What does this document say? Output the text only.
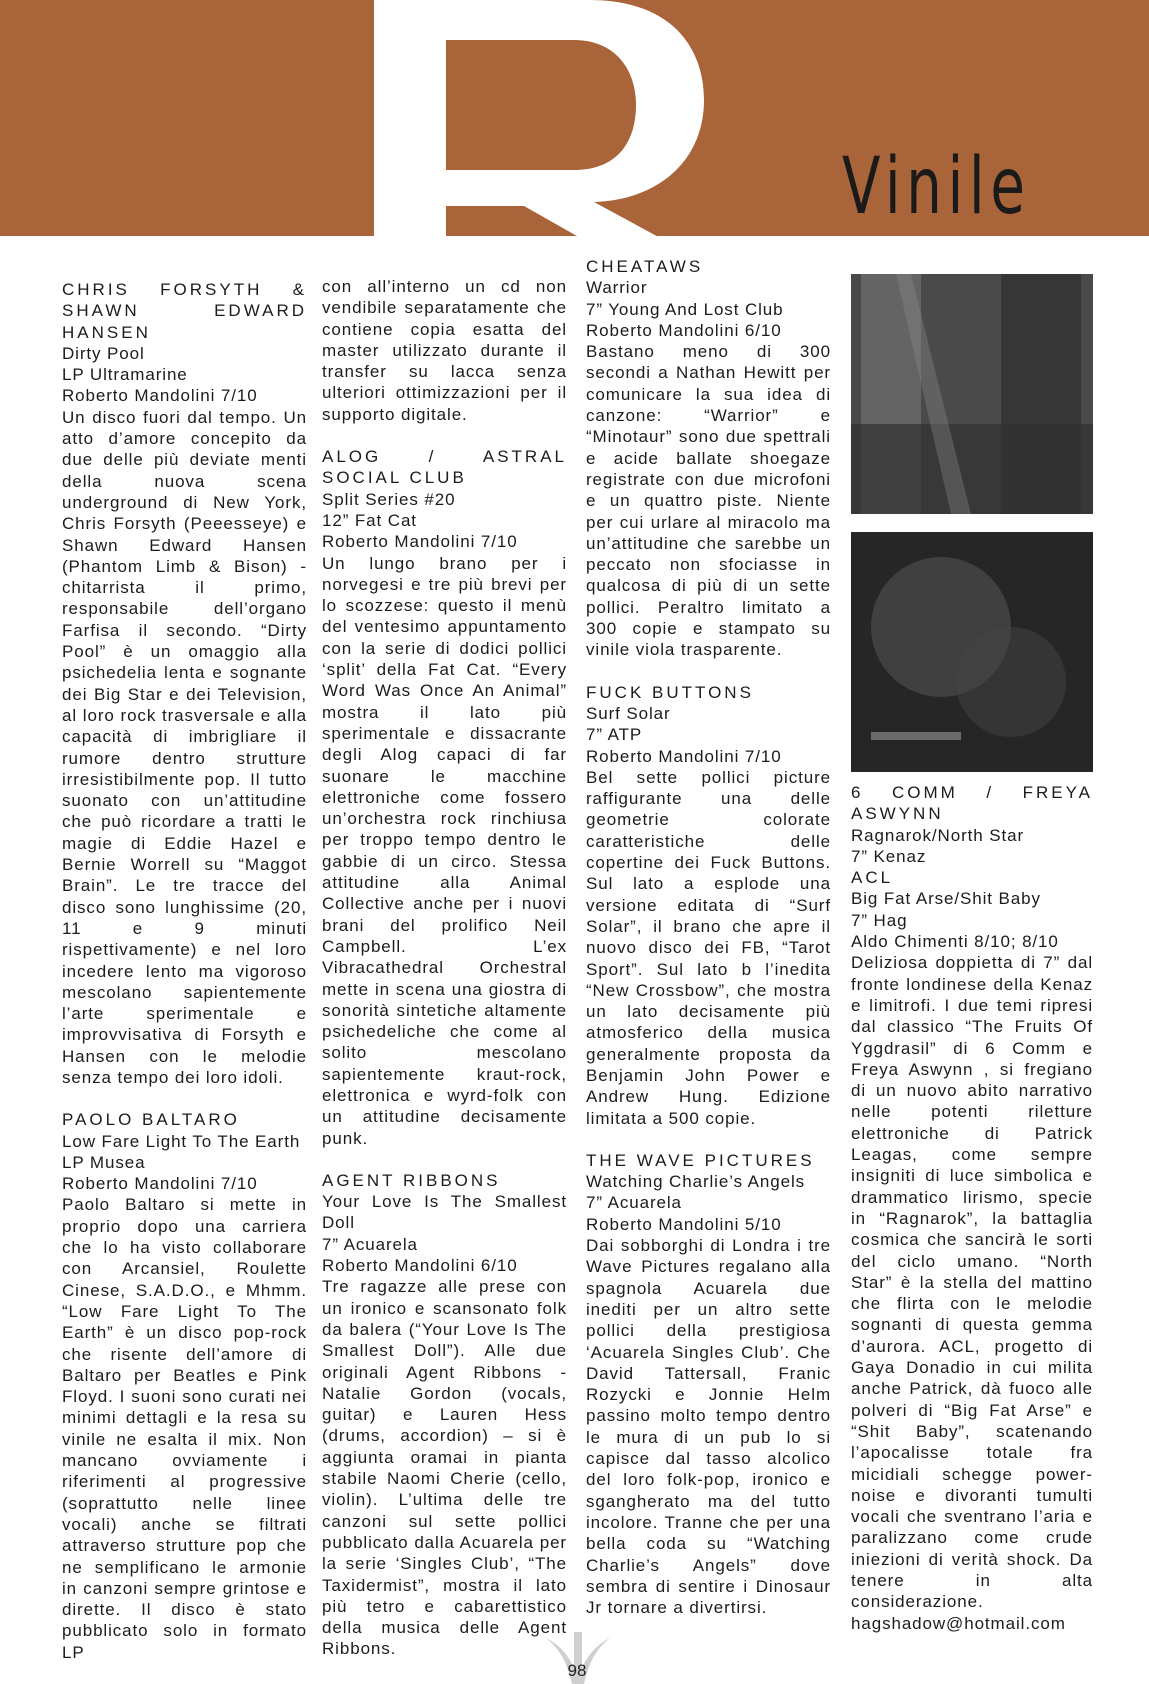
Vinile
CHRIS FORSYTH & SHAWN EDWARD HANSEN
Dirty Pool
LP Ultramarine
Roberto Mandolini 7/10
Un disco fuori dal tempo. Un atto d’amore concepito da due delle più deviate menti della nuova scena underground di New York, Chris Forsyth (Peeesseye) e Shawn Edward Hansen (Phantom Limb & Bison) - chitarrista il primo, responsabile dell’organo Farfisa il secondo. “Dirty Pool” è un omaggio alla psichedelia lenta e sognante dei Big Star e dei Television, al loro rock trasversale e alla capacità di imbrigliare il rumore dentro strutture irresistibilmente pop. Il tutto suonato con un’attitudine che può ricordare a tratti le magie di Eddie Hazel e Bernie Worrell su “Maggot Brain”. Le tre tracce del disco sono lunghissime (20, 11 e 9 minuti rispettivamente) e nel loro incedere lento ma vigoroso mescolano sapientemente l’arte sperimentale e improvvisativa di Forsyth e Hansen con le melodie senza tempo dei loro idoli.
PAOLO BALTARO
Low Fare Light To The Earth
LP Musea
Roberto Mandolini 7/10
Paolo Baltaro si mette in proprio dopo una carriera che lo ha visto collaborare con Arcansiel, Roulette Cinese, S.A.D.O., e Mhmm. “Low Fare Light To The Earth” è un disco pop-rock che risente dell’amore di Baltaro per Beatles e Pink Floyd. I suoni sono curati nei minimi dettagli e la resa su vinile ne esalta il mix. Non mancano ovviamente i riferimenti al progressive (soprattutto nelle linee vocali) anche se filtrati attraverso strutture pop che ne semplificano le armonie in canzoni sempre grintose e dirette. Il disco è stato pubblicato solo in formato LP
con all’interno un cd non vendibile separatamente che contiene copia esatta del master utilizzato durante il transfer su lacca senza ulteriori ottimizzazioni per il supporto digitale.
ALOG / ASTRAL SOCIAL CLUB
Split Series #20
12” Fat Cat
Roberto Mandolini 7/10
Un lungo brano per i norvegesi e tre più brevi per lo scozzese: questo il menù del ventesimo appuntamento con la serie di dodici pollici ‘split’ della Fat Cat. “Every Word Was Once An Animal” mostra il lato più sperimentale e dissacrante degli Alog capaci di far suonare le macchine elettroniche come fossero un’orchestra rock rinchiusa per troppo tempo dentro le gabbie di un circo. Stessa attitudine alla Animal Collective anche per i nuovi brani del prolifico Neil Campbell. L’ex Vibracathedral Orchestral mette in scena una giostra di sonorità sintetiche altamente psichedeliche che come al solito mescolano sapientemente kraut-rock, elettronica e wyrd-folk con un attitudine decisamente punk.
AGENT RIBBONS
Your Love Is The Smallest Doll
7” Acuarela
Roberto Mandolini 6/10
Tre ragazze alle prese con un ironico e scansonato folk da balera (“Your Love Is The Smallest Doll”). Alle due originali Agent Ribbons - Natalie Gordon (vocals, guitar) e Lauren Hess (drums, accordion) – si è aggiunta oramai in pianta stabile Naomi Cherie (cello, violin). L’ultima delle tre canzoni sul sette pollici pubblicato dalla Acuarela per la serie ‘Singles Club’, “The Taxidermist”, mostra il lato più tetro e cabarettistico della musica delle Agent Ribbons.
CHEATAWS
Warrior
7” Young And Lost Club
Roberto Mandolini 6/10
Bastano meno di 300 secondi a Nathan Hewitt per comunicare la sua idea di canzone: “Warrior” e “Minotaur” sono due spettrali e acide ballate shoegaze registrate con due microfoni e un quattro piste. Niente per cui urlare al miracolo ma un’attitudine che sarebbe un peccato non sfociasse in qualcosa di più di un sette pollici. Peraltro limitato a 300 copie e stampato su vinile viola trasparente.
FUCK BUTTONS
Surf Solar
7” ATP
Roberto Mandolini 7/10
Bel sette pollici picture raffigurante una delle geometrie colorate caratteristiche delle copertine dei Fuck Buttons. Sul lato a esplode una versione editata di “Surf Solar”, il brano che apre il nuovo disco dei FB, “Tarot Sport”. Sul lato b l’inedita “New Crossbow”, che mostra un lato decisamente più atmosferico della musica generalmente proposta da Benjamin John Power e Andrew Hung. Edizione limitata a 500 copie.
THE WAVE PICTURES
Watching Charlie’s Angels
7” Acuarela
Roberto Mandolini 5/10
Dai sobborghi di Londra i tre Wave Pictures regalano alla spagnola Acuarela due inediti per un altro sette pollici della prestigiosa ‘Acuarela Singles Club’. Che David Tattersall, Franic Rozycki e Jonnie Helm passino molto tempo dentro le mura di un pub lo si capisce dal tasso alcolico del loro folk-pop, ironico e sgangherato ma del tutto incolore. Tranne che per una bella coda su “Watching Charlie’s Angels” dove sembra di sentire i Dinosaur Jr tornare a divertirsi.
6 COMM / FREYA ASWYNN
Ragnarok/North Star
7” Kenaz
ACL
Big Fat Arse/Shit Baby
7” Hag
Aldo Chimenti 8/10; 8/10
Deliziosa doppietta di 7” dal fronte londinese della Kenaz e limitrofi. I due temi ripresi dal classico “The Fruits Of Yggdrasil” di 6 Comm e Freya Aswynn , si fregiano di un nuovo abito narrativo nelle potenti riletture elettroniche di Patrick Leagas, come sempre insigniti di luce simbolica e drammatico lirismo, specie in “Ragnarok”, la battaglia cosmica che sancirà le sorti del ciclo umano. “North Star” è la stella del mattino che flirta con le melodie sognanti di questa gemma d’aurora. ACL, progetto di Gaya Donadio in cui milita anche Patrick, dà fuoco alle polveri di “Big Fat Arse” e “Shit Baby”, scatenando l’apocalisse totale fra micidiali schegge power-noise e divoranti tumulti vocali che sventrano l’aria e paralizzano come crude iniezioni di verità shock. Da tenere in alta considerazione.
hagshadow@hotmail.com
98
